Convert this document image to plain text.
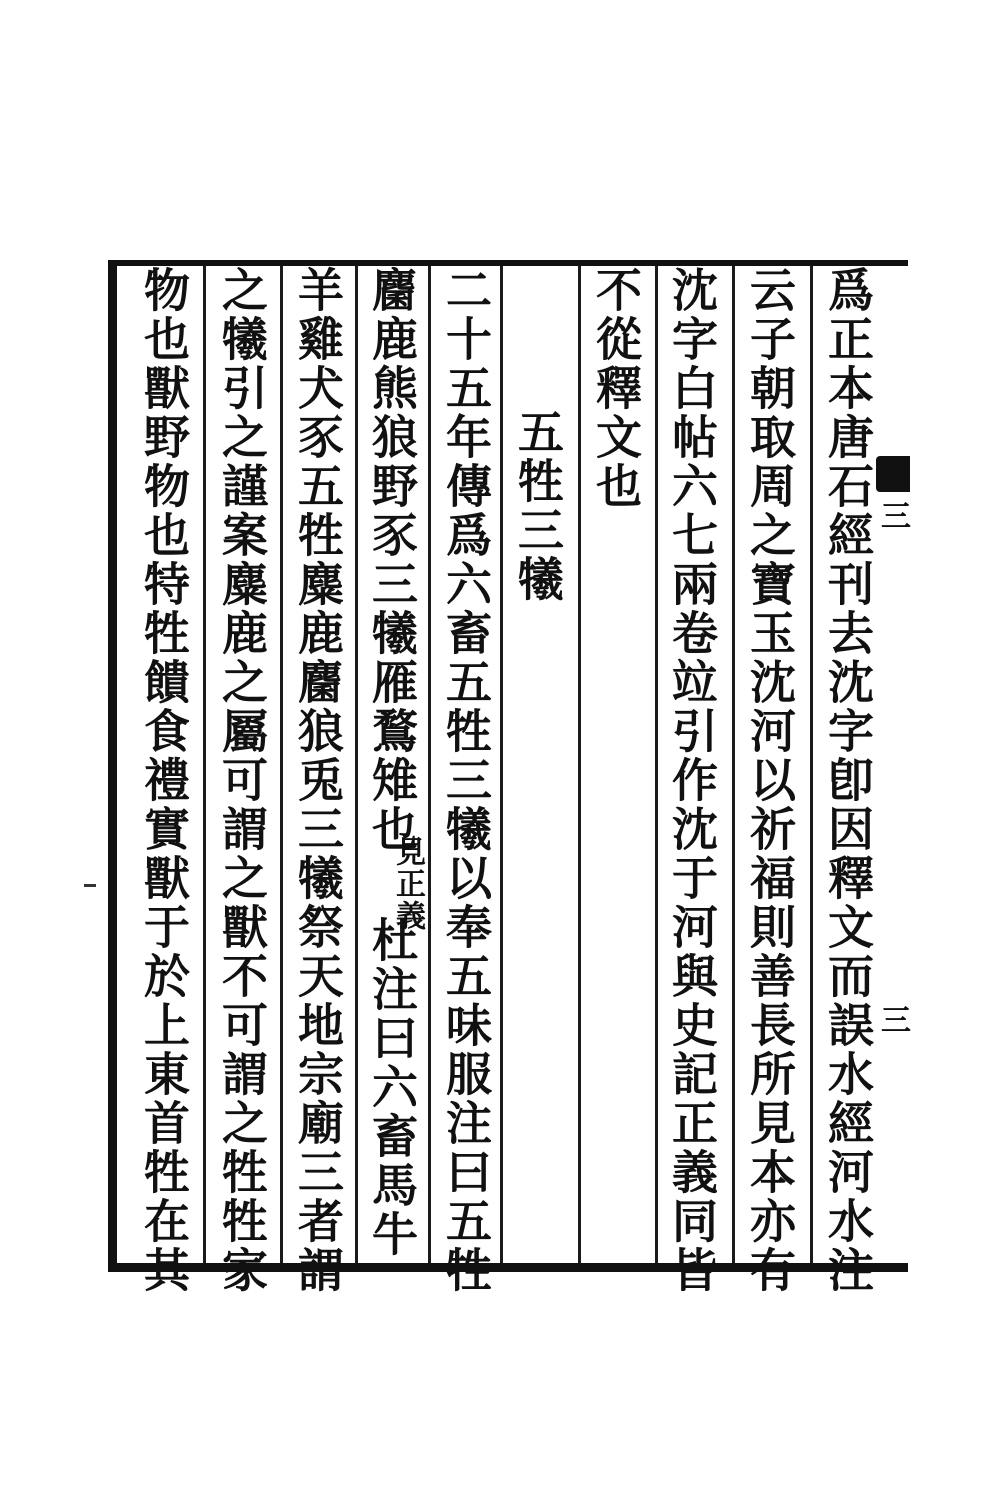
三
三
爲正本唐石經刊去沈字卽因釋文而誤水經河水注
云子朝取周之寶玉沈河以祈福則善長所見本亦有
沈字白帖六七兩卷竝引作沈于河與史記正義同皆
不從釋文也
五牲三犧
二十五年傳爲六畜五牲三犧以奉五味服注曰五牲
麕鹿熊狼野豕三犧雁鶩雉也
見正義
杜注曰六畜馬牛
羊雞犬豕五牲麋鹿麕狼兎三犧祭天地宗廟三者謂
之犧引之謹案麋鹿之屬可謂之獸不可謂之牲牲家
物也獸野物也特牲饋食禮實獸于於上東首牲在其
